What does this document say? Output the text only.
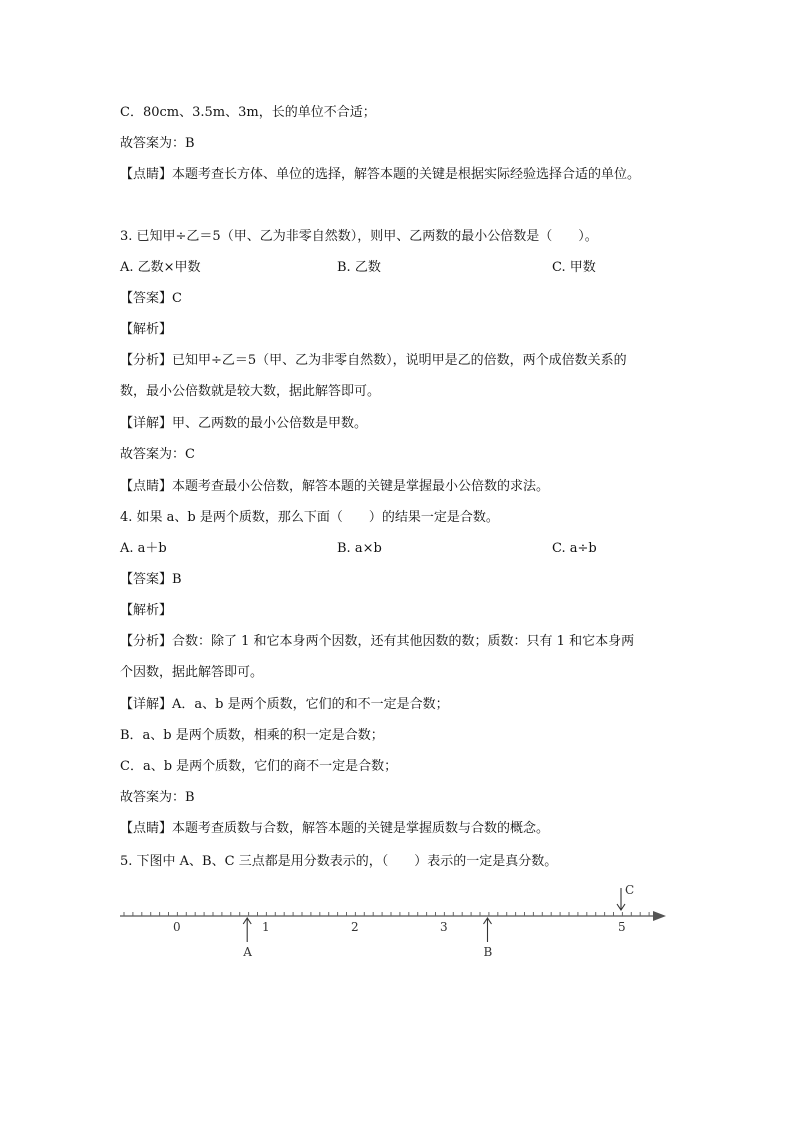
C．80cm、3.5m、3m，长的单位不合适；
故答案为：B
【点睛】本题考查长方体、单位的选择，解答本题的关键是根据实际经验选择合适的单位。
3. 已知甲÷乙＝5（甲、乙为非零自然数），则甲、乙两数的最小公倍数是（　　）。
A. 乙数×甲数	B. 乙数	C. 甲数
【答案】C
【解析】
【分析】已知甲÷乙＝5（甲、乙为非零自然数），说明甲是乙的倍数，两个成倍数关系的
数，最小公倍数就是较大数，据此解答即可。
【详解】甲、乙两数的最小公倍数是甲数。
故答案为：C
【点睛】本题考查最小公倍数，解答本题的关键是掌握最小公倍数的求法。
4. 如果 a、b 是两个质数，那么下面（　　）的结果一定是合数。
A. a＋b	B. a×b	C. a÷b
【答案】B
【解析】
【分析】合数：除了 1 和它本身两个因数，还有其他因数的数；质数：只有 1 和它本身两
个因数，据此解答即可。
【详解】A．a、b 是两个质数，它们的和不一定是合数；
B．a、b 是两个质数，相乘的积一定是合数；
C．a、b 是两个质数，它们的商不一定是合数；
故答案为：B
【点睛】本题考查质数与合数，解答本题的关键是掌握质数与合数的概念。
5. 下图中 A、B、C 三点都是用分数表示的，（　　）表示的一定是真分数。
0	1	2	3	5
A	B
C
